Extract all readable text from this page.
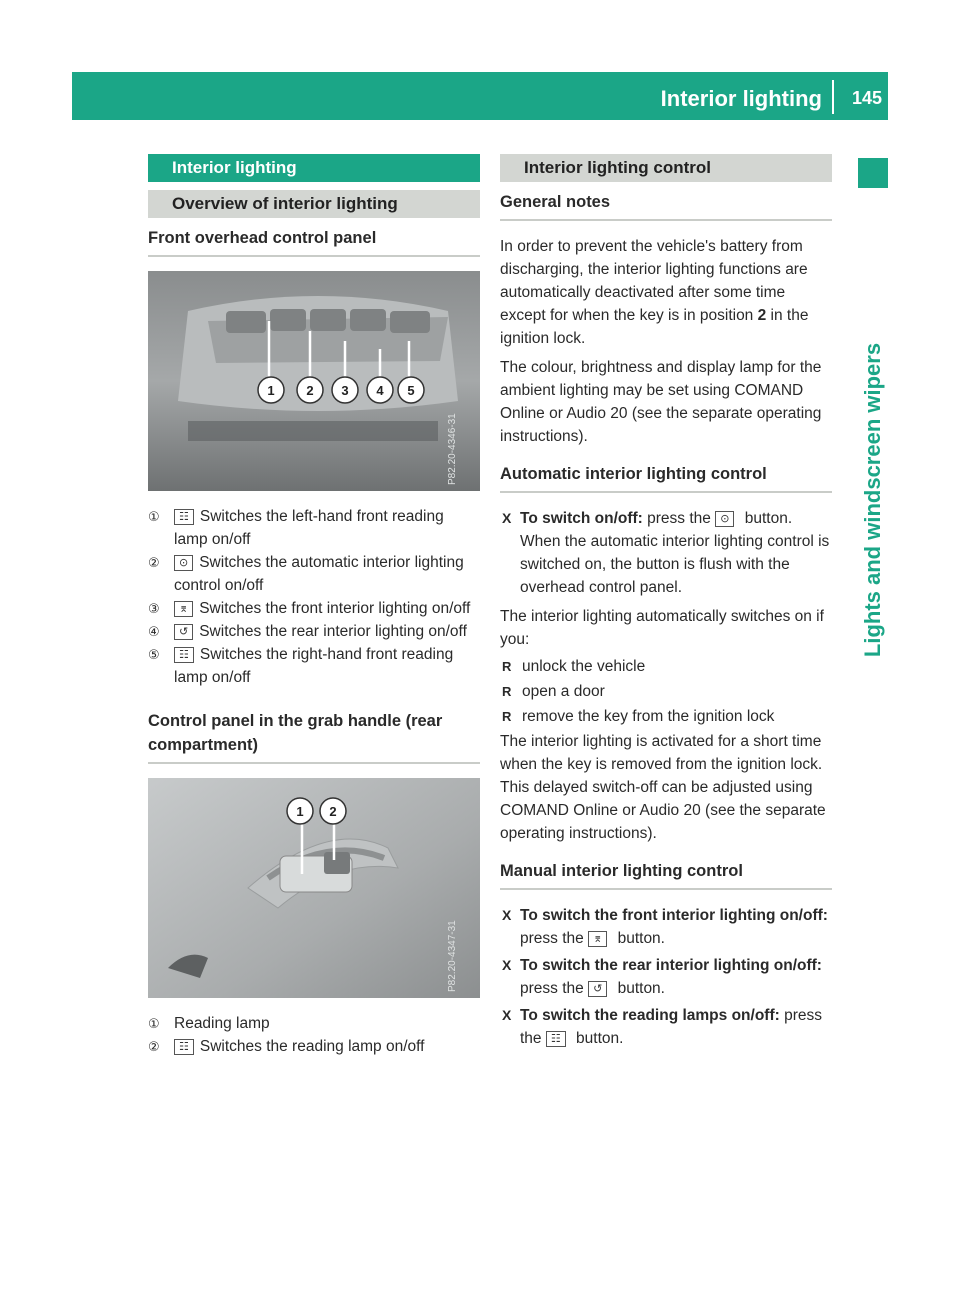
Interior lighting 145
Lights and windscreen wipers
Interior lighting
Overview of interior lighting
Front overhead control panel
1 2 3 4 5
P82.20-4346-31
① ☷ Switches the left-hand front reading lamp on/off
② ⊙ Switches the automatic interior lighting control on/off
③ ⌆ Switches the front interior lighting on/off
④ ↺ Switches the rear interior lighting on/off
⑤ ☷ Switches the right-hand front reading lamp on/off
Control panel in the grab handle (rear compartment)
1 2
P82.20-4347-31
① Reading lamp
② ☷ Switches the reading lamp on/off
Interior lighting control
General notes
In order to prevent the vehicle's battery from discharging, the interior lighting functions are automatically deactivated after some time except for when the key is in position 2 in the ignition lock.
The colour, brightness and display lamp for the ambient lighting may be set using COMAND Online or Audio 20 (see the separate operating instructions).
Automatic interior lighting control
X To switch on/off: press the ⊙ button.
When the automatic interior lighting control is switched on, the button is flush with the overhead control panel.
The interior lighting automatically switches on if you:
R unlock the vehicle
R open a door
R remove the key from the ignition lock
The interior lighting is activated for a short time when the key is removed from the ignition lock. This delayed switch-off can be adjusted using COMAND Online or Audio 20 (see the separate operating instructions).
Manual interior lighting control
X To switch the front interior lighting on/off: press the ⌆ button.
X To switch the rear interior lighting on/off: press the ↺ button.
X To switch the reading lamps on/off: press the ☷ button.
